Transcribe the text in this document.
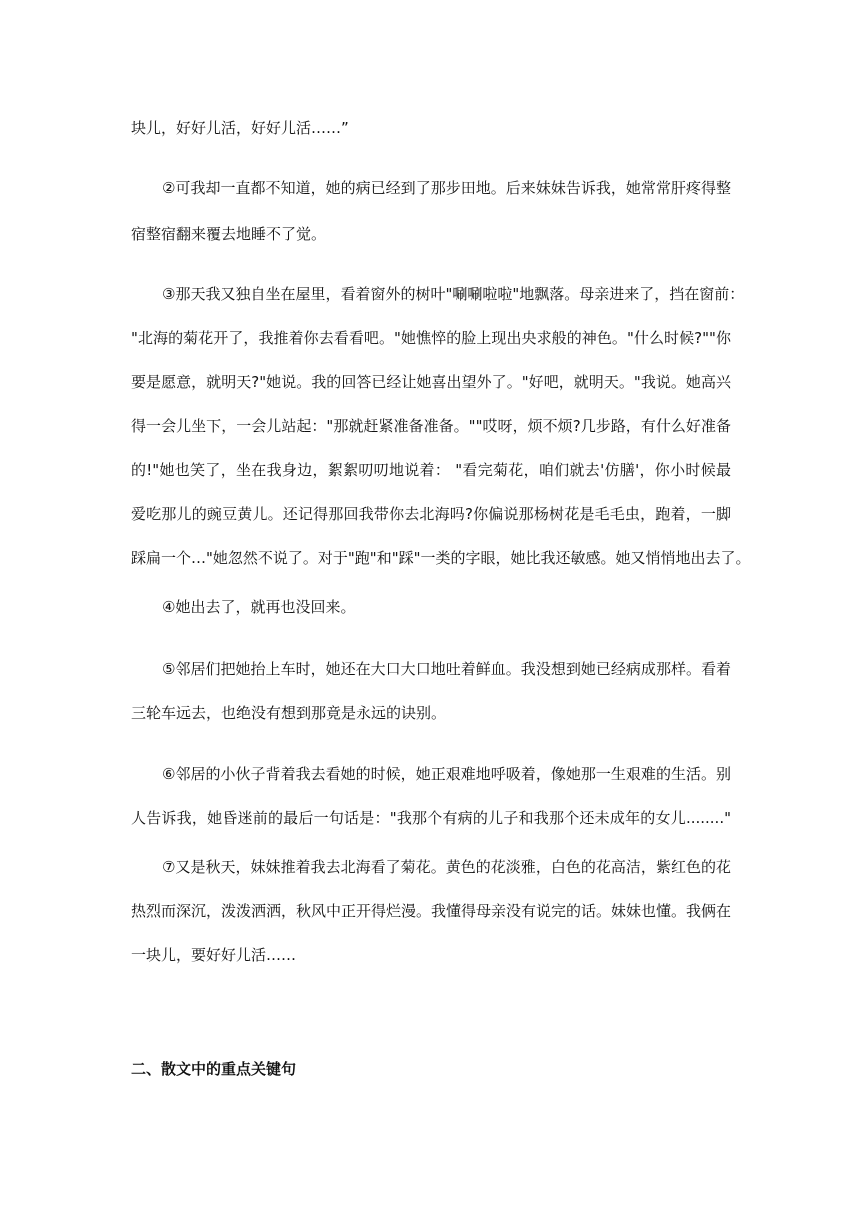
块儿，好好儿活，好好儿活……”
②可我却一直都不知道，她的病已经到了那步田地。后来妹妹告诉我，她常常肝疼得整
宿整宿翻来覆去地睡不了觉。
③那天我又独自坐在屋里，看着窗外的树叶"唰唰啦啦"地飘落。母亲进来了，挡在窗前：
"北海的菊花开了，我推着你去看看吧。"她憔悴的脸上现出央求般的神色。"什么时候?""你
要是愿意，就明天?"她说。我的回答已经让她喜出望外了。"好吧，就明天。"我说。她高兴
得一会儿坐下，一会儿站起："那就赶紧准备准备。""哎呀，烦不烦?几步路，有什么好准备
的!"她也笑了，坐在我身边，絮絮叨叨地说着： "看完菊花，咱们就去'仿膳'，你小时候最
爱吃那儿的豌豆黄儿。还记得那回我带你去北海吗?你偏说那杨树花是毛毛虫，跑着，一脚
踩扁一个…"她忽然不说了。对于"跑"和"踩"一类的字眼，她比我还敏感。她又悄悄地出去了。
④她出去了，就再也没回来。
⑤邻居们把她抬上车时，她还在大口大口地吐着鲜血。我没想到她已经病成那样。看着
三轮车远去，也绝没有想到那竟是永远的诀别。
⑥邻居的小伙子背着我去看她的时候，她正艰难地呼吸着，像她那一生艰难的生活。别
人告诉我，她昏迷前的最后一句话是："我那个有病的儿子和我那个还未成年的女儿........"
⑦又是秋天，妹妹推着我去北海看了菊花。黄色的花淡雅，白色的花高洁，紫红色的花
热烈而深沉，泼泼洒洒，秋风中正开得烂漫。我懂得母亲没有说完的话。妹妹也懂。我俩在
一块儿，要好好儿活……
二、散文中的重点关键句
